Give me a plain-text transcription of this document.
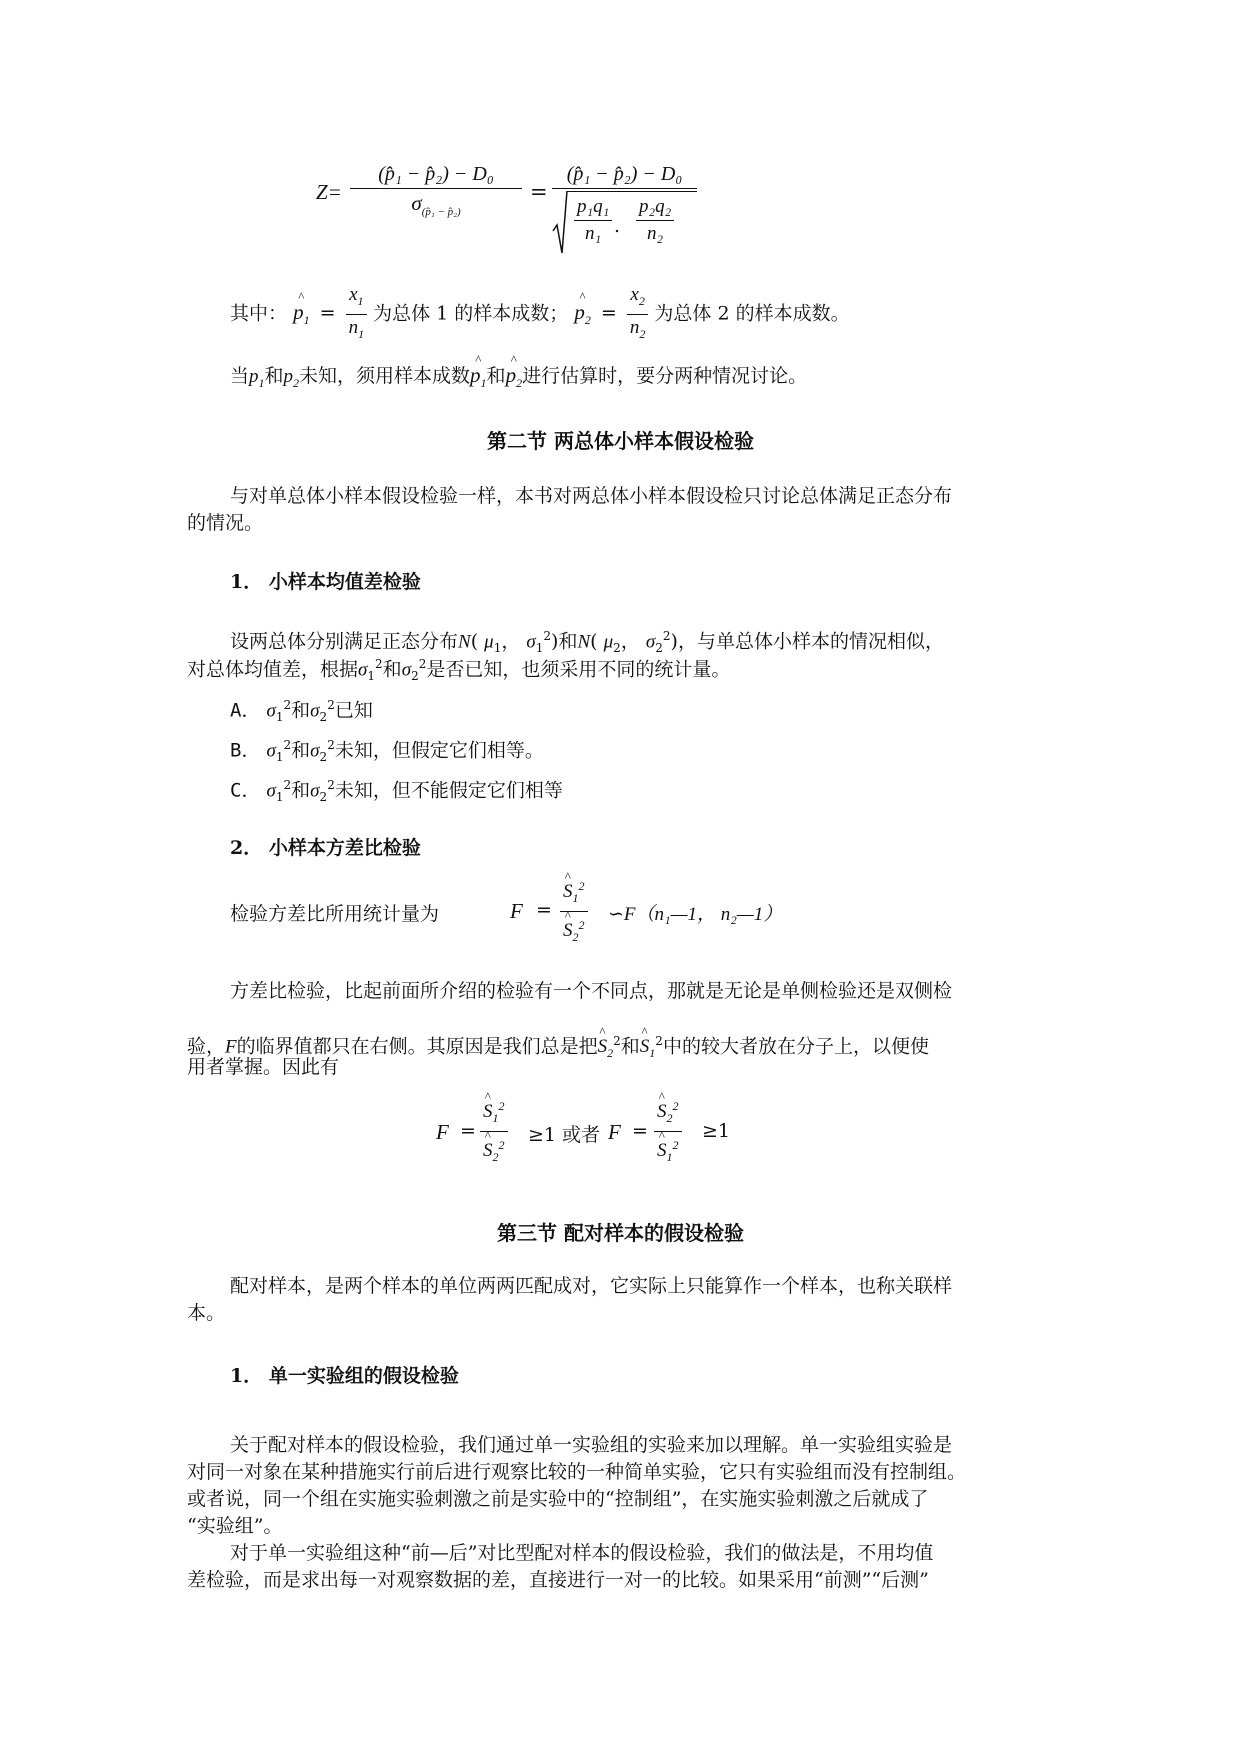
Z=
(p̂₁ − p̂₂) − D₀
$\sigma_{(p̂_1 - p̂_2)}$
=
(p̂₁ − p̂₂) − D₀
$\frac{\text{p₁q₁}}{\text{n₁}}$ . $\frac{\text{p₂q₂}}{\text{n₂}}$
其中： ^ $p_1 = \frac{x_1}{n_1}$ 为总体 1 的样本成数； ^ $p_2 = \frac{x_2}{n_2}$ 为总体 2 的样本成数。
当$p_1$和$p_2$未知，须用样本成数^ $p_1$和^ $p_2$进行估算时，要分两种情况讨论。
第二节 两总体小样本假设检验
与对单总体小样本假设检验一样，本书对两总体小样本假设检只讨论总体满足正态分布
的情况。
1． 小样本均值差检验
设两总体分别满足正态分布N( $\mu_1$， $\sigma_1^2$)和N( $\mu_2$， $\sigma_2^2$)，与单总体小样本的情况相似，
对总体均值差，根据$\sigma_1^2$和$\sigma_2^2$是否已知，也须采用不同的统计量。
A． $\sigma_1^2$和$\sigma_2^2$已知
B． $\sigma_1^2$和$\sigma_2^2$未知，但假定它们相等。
C． $\sigma_1^2$和$\sigma_2^2$未知，但不能假定它们相等
2． 小样本方差比检验
检验方差比所用统计量为	F = ^ $S_1^2$
^ $S_2^2$ ∽F（n₁—1， n₂—1）
方差比检验，比起前面所介绍的检验有一个不同点，那就是无论是单侧检验还是双侧检
验，F的临界值都只在右侧。其原因是我们总是把^ $S_2^2$和^ $S_1^2$中的较大者放在分子上，以便使
用者掌握。因此有
F = ^ $S_1^2$
^ $S_2^2 \ge 1$ 或者 F = ^ $S_2^2$
^ $S_1^2 \ge 1$
第三节 配对样本的假设检验
配对样本，是两个样本的单位两两匹配成对，它实际上只能算作一个样本，也称关联样
本。
1． 单一实验组的假设检验
关于配对样本的假设检验，我们通过单一实验组的实验来加以理解。单一实验组实验是
对同一对象在某种措施实行前后进行观察比较的一种简单实验，它只有实验组而没有控制组。
或者说，同一个组在实施实验刺激之前是实验中的“控制组”，在实施实验刺激之后就成了
“实验组”。
对于单一实验组这种“前—后”对比型配对样本的假设检验，我们的做法是，不用均值
差检验，而是求出每一对观察数据的差，直接进行一对一的比较。如果采用“前测”“后测”
